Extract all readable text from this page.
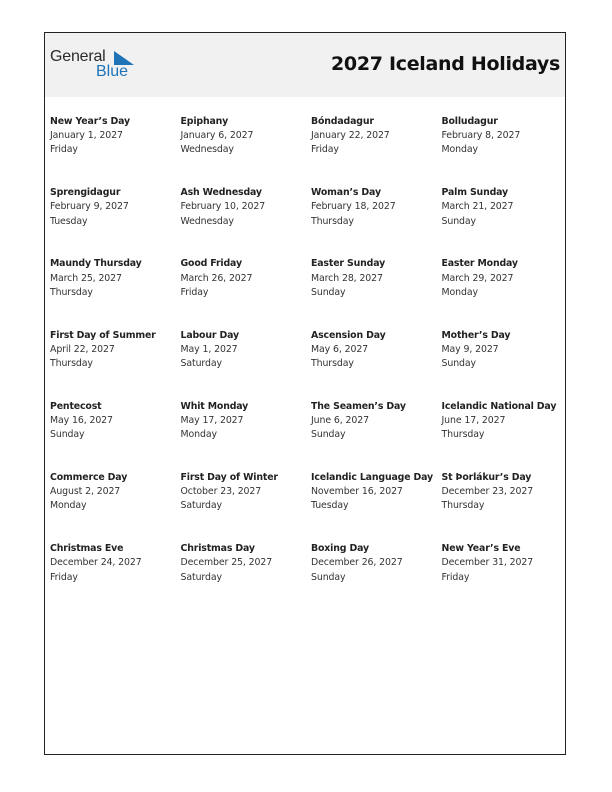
General
Blue	2027 Iceland Holidays
New Year’s Day
January 1, 2027
Friday
Epiphany
January 6, 2027
Wednesday
Bóndadagur
January 22, 2027
Friday
Bolludagur
February 8, 2027
Monday
Sprengidagur
February 9, 2027
Tuesday
Ash Wednesday
February 10, 2027
Wednesday
Woman’s Day
February 18, 2027
Thursday
Palm Sunday
March 21, 2027
Sunday
Maundy Thursday
March 25, 2027
Thursday
Good Friday
March 26, 2027
Friday
Easter Sunday
March 28, 2027
Sunday
Easter Monday
March 29, 2027
Monday
First Day of Summer
April 22, 2027
Thursday
Labour Day
May 1, 2027
Saturday
Ascension Day
May 6, 2027
Thursday
Mother’s Day
May 9, 2027
Sunday
Pentecost
May 16, 2027
Sunday
Whit Monday
May 17, 2027
Monday
The Seamen’s Day
June 6, 2027
Sunday
Icelandic National Day
June 17, 2027
Thursday
Commerce Day
August 2, 2027
Monday
First Day of Winter
October 23, 2027
Saturday
Icelandic Language Day
November 16, 2027
Tuesday
St Þorlákur’s Day
December 23, 2027
Thursday
Christmas Eve
December 24, 2027
Friday
Christmas Day
December 25, 2027
Saturday
Boxing Day
December 26, 2027
Sunday
New Year’s Eve
December 31, 2027
Friday
